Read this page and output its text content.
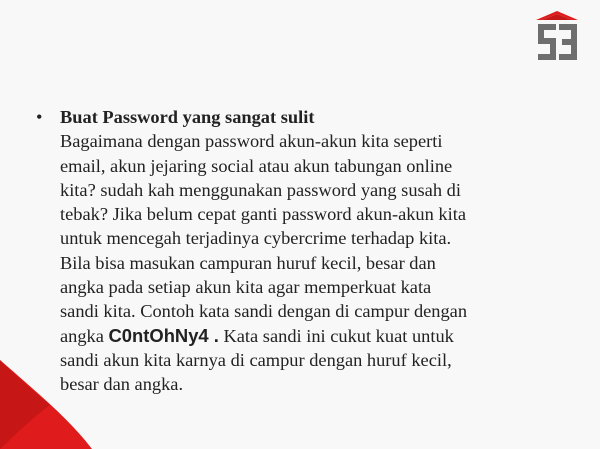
• Buat Password yang sangat sulit
Bagaimana dengan password akun-akun kita seperti
email, akun jejaring social atau akun tabungan online
kita? sudah kah menggunakan password yang susah di
tebak? Jika belum cepat ganti password akun-akun kita
untuk mencegah terjadinya cybercrime terhadap kita.
Bila bisa masukan campuran huruf kecil, besar dan
angka pada setiap akun kita agar memperkuat kata
sandi kita. Contoh kata sandi dengan di campur dengan
angka C0ntOhNy4 . Kata sandi ini cukut kuat untuk
sandi akun kita karnya di campur dengan huruf kecil,
besar dan angka.
